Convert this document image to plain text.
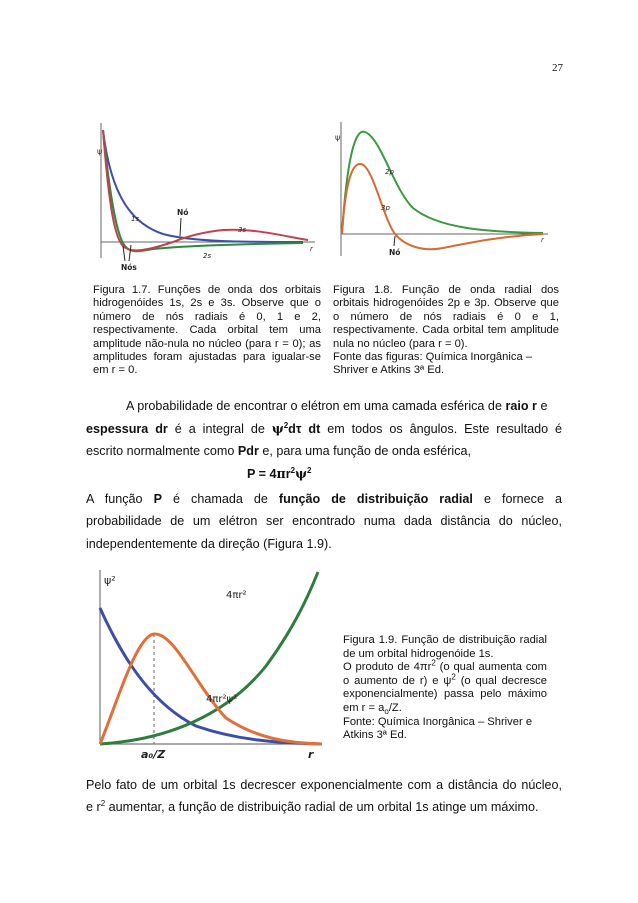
27
ψ
r
1s
2s
3s
Nó
Nós
ψ
r
2p
3p
Nó

Figura 1.7. Funções de onda dos orbitais hidrogenóides 1s, 2s e 3s. Observe que o número de nós radiais é 0, 1 e 2, respectivamente. Cada orbital tem uma amplitude não-nula no núcleo (para r = 0); as amplitudes foram ajustadas para igualar-se em r = 0.

Figura 1.8. Função de onda radial dos orbitais hidrogenóides 2p e 3p. Observe que o número de nós radiais é 0 e 1, respectivamente. Cada orbital tem amplitude nula no núcleo (para r = 0).

Fonte das figuras: Química Inorgânica – Shriver e Atkins 3ª Ed.

A probabilidade de encontrar o elétron em uma camada esférica de raio r e
espessura dr é a integral de $\psi^2d\tau$ dt em todos os ângulos. Este resultado é
escrito normalmente como Pdr e, para uma função de onda esférica,
$P = 4\pi r^2\psi^2$
A função P é chamada de função de distribuição radial e fornece a
probabilidade de um elétron ser encontrado numa dada distância do núcleo,
independentemente da direção (Figura 1.9).
ψ²
4πr²
4πr²ψ²
a₀/Z	r

Figura 1.9. Função de distribuição radial de um orbital hidrogenóide 1s.

O produto de $4\pi r^2$ (o qual aumenta com o aumento de r) e $\psi^2$ (o qual decresce exponencialmente) passa pelo máximo em $r = a_o/Z$.

Fonte: Química Inorgânica – Shriver e Atkins 3ª Ed.

Pelo fato de um orbital 1s decrescer exponencialmente com a distância do núcleo,
e $r^2$ aumentar, a função de distribuição radial de um orbital 1s atinge um máximo.
